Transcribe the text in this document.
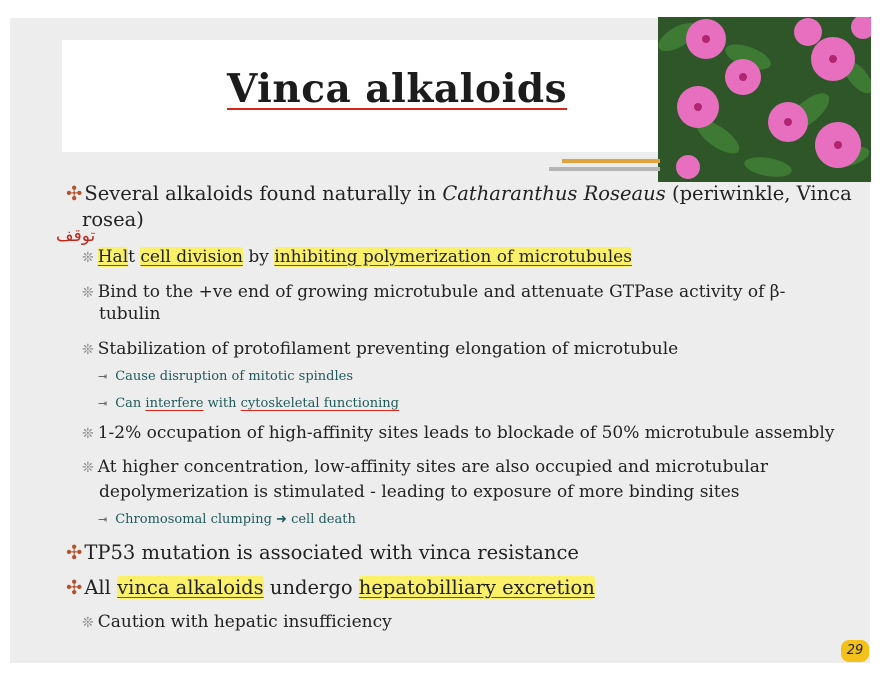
Vinca alkaloids
✣ Several alkaloids found naturally in Catharanthus Roseaus (periwinkle, Vinca
rosea)
توقف
❊ Halt cell division by inhibiting polymerization of microtubules
❊ Bind to the +ve end of growing microtubule and attenuate GTPase activity of β-
tubulin
❊ Stabilization of protofilament preventing elongation of microtubule
⇥ Cause disruption of mitotic spindles
⇥ Can interfere with cytoskeletal functioning
❊ 1-2% occupation of high-affinity sites leads to blockade of 50% microtubule assembly
❊ At higher concentration, low-affinity sites are also occupied and microtubular
depolymerization is stimulated - leading to exposure of more binding sites
⇥ Chromosomal clumping ➜ cell death
✣ TP53 mutation is associated with vinca resistance
✣ All vinca alkaloids undergo hepatobilliary excretion
❊ Caution with hepatic insufficiency
29
